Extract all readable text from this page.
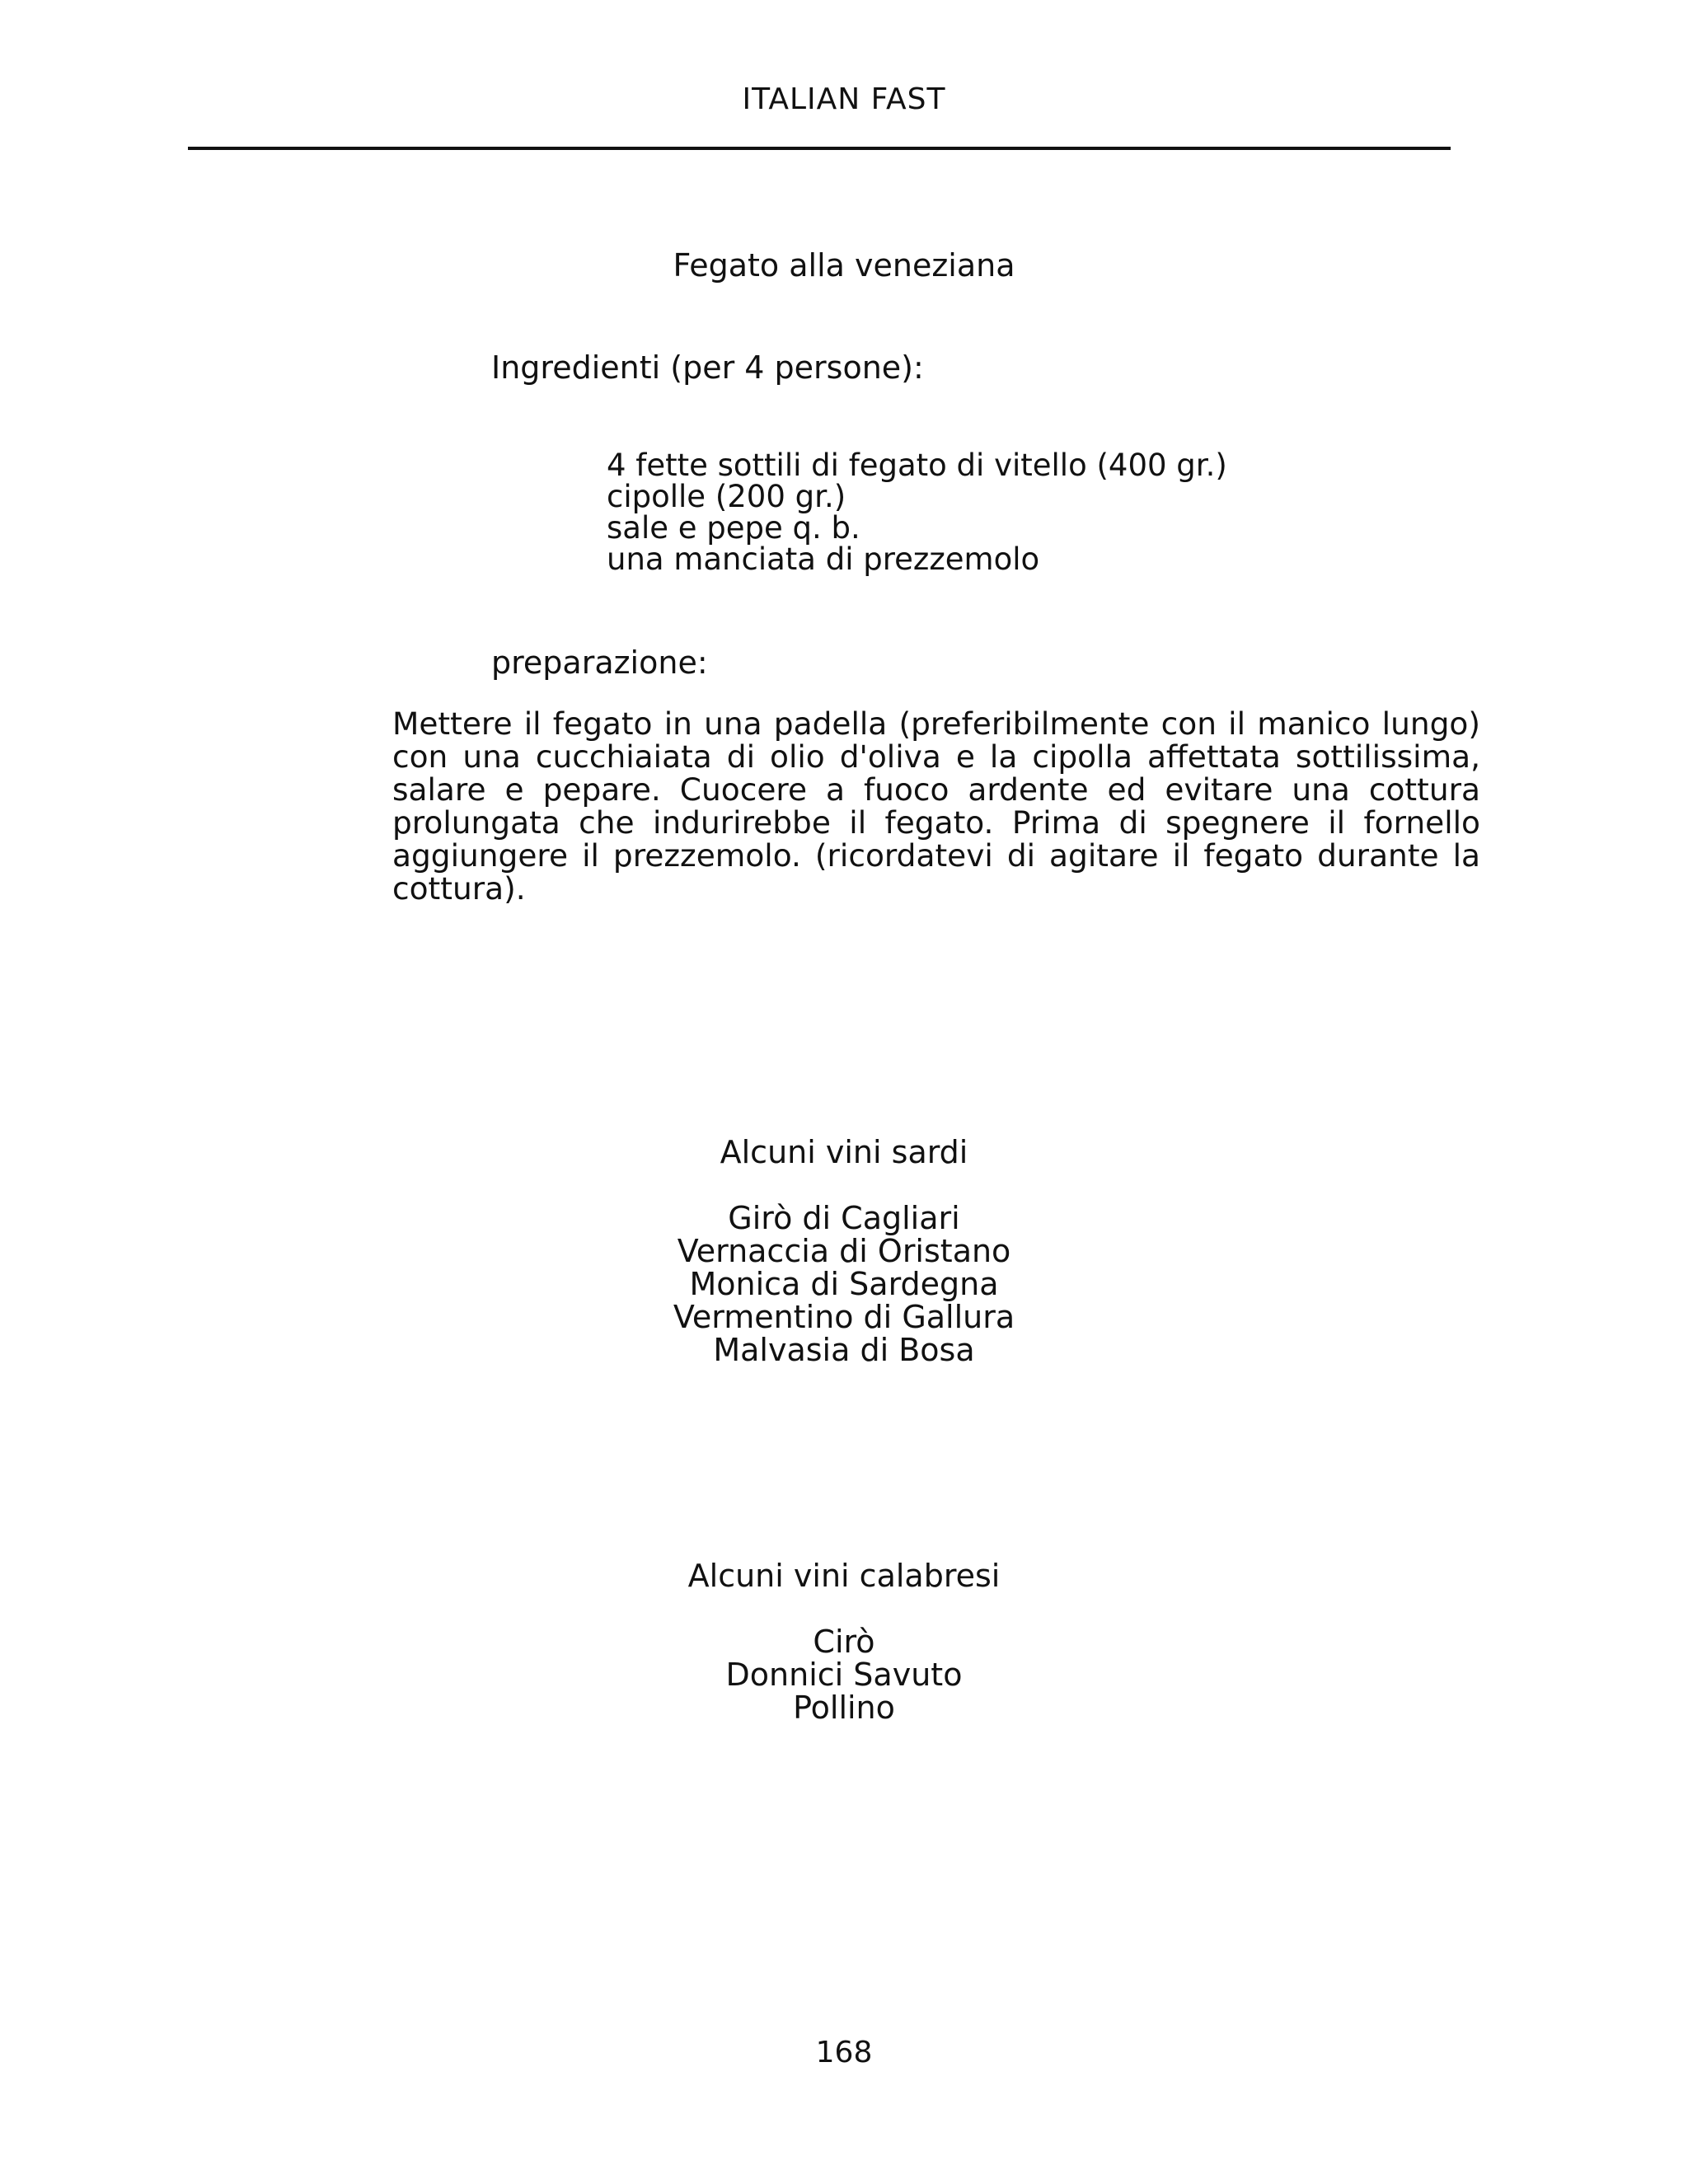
ITALIAN FAST
Fegato alla veneziana
Ingredienti (per 4 persone):
4 fette sottili di fegato di vitello (400 gr.)
cipolle (200 gr.)
sale e pepe q. b.
una manciata di prezzemolo
preparazione:
Mettere il fegato in una padella (preferibilmente con il manico lungo) con una cucchiaiata di olio d'oliva e la cipolla affettata sottilissima, salare e pepare. Cuocere a fuoco ardente ed evitare una cottura prolungata che indurirebbe il fegato. Prima di spegnere il fornello aggiungere il prezzemolo. (ricordatevi di agitare il fegato durante la cottura).
Alcuni vini sardi
Girò di Cagliari
Vernaccia di Oristano
Monica di Sardegna
Vermentino di Gallura
Malvasia di Bosa
Alcuni vini calabresi
Cirò
Donnici Savuto
Pollino
168
